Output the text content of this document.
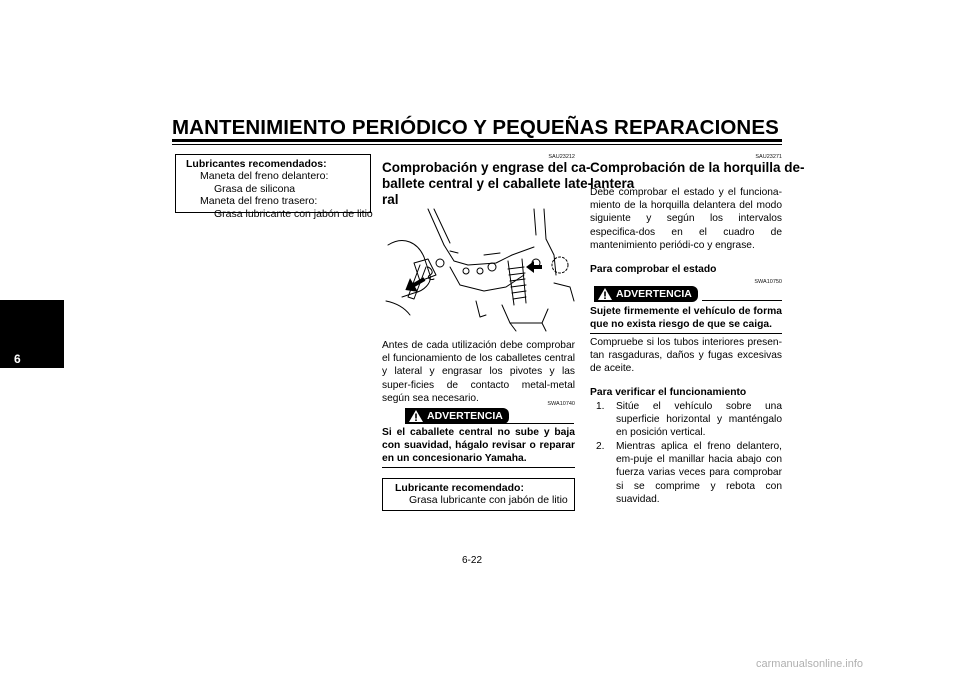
MANTENIMIENTO PERIÓDICO Y PEQUEÑAS REPARACIONES
6
Lubricantes recomendados:
Maneta del freno delantero:
Grasa de silicona
Maneta del freno trasero:
Grasa lubricante con jabón de litio
SAU23212
Comprobación y engrase del ca-
ballete central y el caballete late-
ral
Antes de cada utilización debe comprobar el funcionamiento de los caballetes central y lateral y engrasar los pivotes y las super-ficies de contacto metal-metal según sea necesario.
SWA10740
ADVERTENCIA
Si el caballete central no sube y baja con suavidad, hágalo revisar o reparar en un concesionario Yamaha.
Lubricante recomendado:
Grasa lubricante con jabón de litio
SAU23271
Comprobación de la horquilla de-
lantera
Debe comprobar el estado y el funciona-miento de la horquilla delantera del modo siguiente y según los intervalos especifica-dos en el cuadro de mantenimiento periódi-co y engrase.
Para comprobar el estado
SWA10750
ADVERTENCIA
Sujete firmemente el vehículo de forma que no exista riesgo de que se caiga.
Compruebe si los tubos interiores presen-tan rasgaduras, daños y fugas excesivas de aceite.
Para verificar el funcionamiento
1.	Sitúe el vehículo sobre una superficie horizontal y manténgalo en posición vertical.
2.	Mientras aplica el freno delantero, em-puje el manillar hacia abajo con fuerza varias veces para comprobar si se comprime y rebota con suavidad.
6-22
carmanualsonline.info
